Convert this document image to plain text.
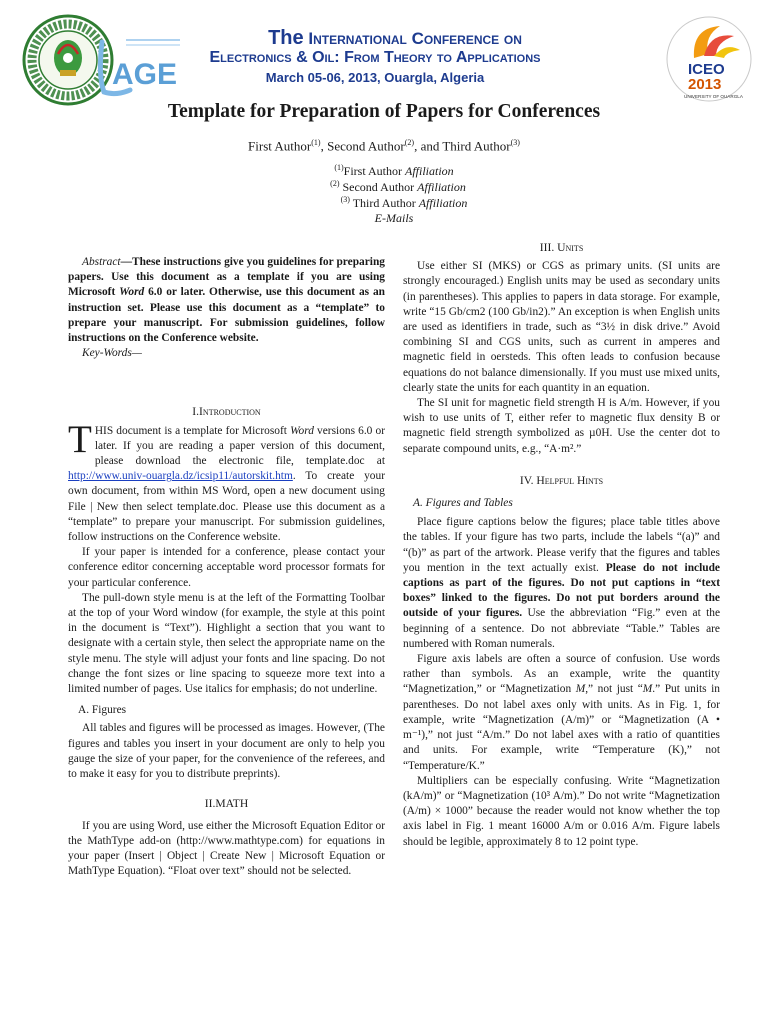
AGE
The International Conference on
Electronics & Oil: From Theory to Applications
March 05-06, 2013, Ouargla, Algeria	ICEO
2013
UNIVERSITY OF OUARGLA
Template for Preparation of Papers for Conferences
First Author$^{(1)}$, Second Author$^{(2)}$, and Third Author$^{(3)}$
$^{(1)}$First Author Affiliation
$^{(2)}$ Second Author Affiliation
$^{(3)}$ Third Author Affiliation
E-Mails

Abstract—These instructions give you guidelines for preparing papers. Use this document as a template if you are using Microsoft Word 6.0 or later. Otherwise, use this document as an instruction set. Please use this document as a “template” to prepare your manuscript. For submission guidelines, follow instructions on the Conference website.

Key-Words—

I.Introduction

THIS document is a template for Microsoft Word versions 6.0 or later. If you are reading a paper version of this document, please download the electronic file, template.doc at http://www.univ-ouargla.dz/icsip11/autorskit.htm. To create your own document, from within MS Word, open a new document using File | New then select template.doc. Please use this document as a “template” to prepare your manuscript. For submission guidelines, follow instructions on the Conference website.

If your paper is intended for a conference, please contact your conference editor concerning acceptable word processor formats for your particular conference.

The pull-down style menu is at the left of the Formatting Toolbar at the top of your Word window (for example, the style at this point in the document is “Text”). Highlight a section that you want to designate with a certain style, then select the appropriate name on the style menu. The style will adjust your fonts and line spacing. Do not change the font sizes or line spacing to squeeze more text into a limited number of pages. Use italics for emphasis; do not underline.

A. Figures

All tables and figures will be processed as images. However, (The figures and tables you insert in your document are only to help you gauge the size of your paper, for the convenience of the referees, and to make it easy for you to distribute preprints).

II.MATH

If you are using Word, use either the Microsoft Equation Editor or the MathType add-on (http://www.mathtype.com) for equations in your paper (Insert | Object | Create New | Microsoft Equation or MathType Equation). “Float over text” should not be selected.

III. Units

Use either SI (MKS) or CGS as primary units. (SI units are strongly encouraged.) English units may be used as secondary units (in parentheses). This applies to papers in data storage. For example, write “15 Gb/cm2 (100 Gb/in2).” An exception is when English units are used as identifiers in trade, such as “3½ in disk drive.” Avoid combining SI and CGS units, such as current in amperes and magnetic field in oersteds. This often leads to confusion because equations do not balance dimensionally. If you must use mixed units, clearly state the units for each quantity in an equation.

The SI unit for magnetic field strength H is A/m. However, if you wish to use units of T, either refer to magnetic flux density B or magnetic field strength symbolized as µ0H. Use the center dot to separate compound units, e.g., “A·m².”

IV. Helpful Hints
A. Figures and Tables

Place figure captions below the figures; place table titles above the tables. If your figure has two parts, include the labels “(a)” and “(b)” as part of the artwork. Please verify that the figures and tables you mention in the text actually exist. Please do not include captions as part of the figures. Do not put captions in “text boxes” linked to the figures. Do not put borders around the outside of your figures. Use the abbreviation “Fig.” even at the beginning of a sentence. Do not abbreviate “Table.” Tables are numbered with Roman numerals.

Figure axis labels are often a source of confusion. Use words rather than symbols. As an example, write the quantity “Magnetization,” or “Magnetization M,” not just “M.” Put units in parentheses. Do not label axes only with units. As in Fig. 1, for example, write “Magnetization (A/m)” or “Magnetization (A • m⁻¹),” not just “A/m.” Do not label axes with a ratio of quantities and units. For example, write “Temperature (K),” not “Temperature/K.”

Multipliers can be especially confusing. Write “Magnetization (kA/m)” or “Magnetization (10³ A/m).” Do not write “Magnetization (A/m) × 1000” because the reader would not know whether the top axis label in Fig. 1 meant 16000 A/m or 0.016 A/m. Figure labels should be legible, approximately 8 to 12 point type.
